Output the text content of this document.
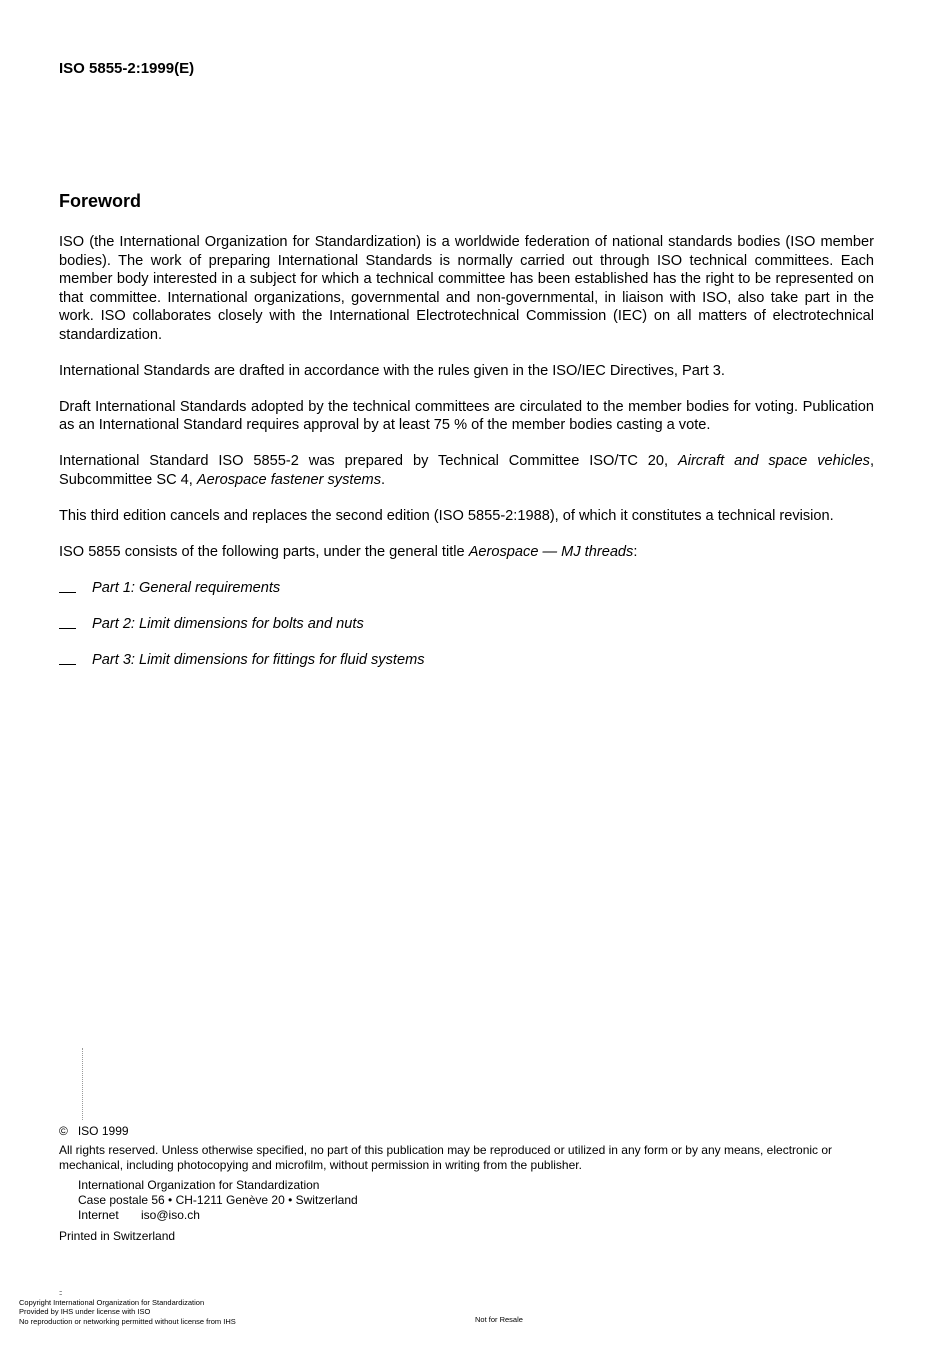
ISO 5855-2:1999(E)
Foreword

ISO (the International Organization for Standardization) is a worldwide federation of national standards bodies (ISO member bodies). The work of preparing International Standards is normally carried out through ISO technical committees. Each member body interested in a subject for which a technical committee has been established has the right to be represented on that committee. International organizations, governmental and non-governmental, in liaison with ISO, also take part in the work. ISO collaborates closely with the International Electrotechnical Commission (IEC) on all matters of electrotechnical standardization.

International Standards are drafted in accordance with the rules given in the ISO/IEC Directives, Part 3.

Draft International Standards adopted by the technical committees are circulated to the member bodies for voting. Publication as an International Standard requires approval by at least 75 % of the member bodies casting a vote.

International Standard ISO 5855-2 was prepared by Technical Committee ISO/TC 20, Aircraft and space vehicles, Subcommittee SC 4, Aerospace fastener systems.

This third edition cancels and replaces the second edition (ISO 5855-2:1988), of which it constitutes a technical revision.

ISO 5855 consists of the following parts, under the general title Aerospace — MJ threads:

Part 1: General requirements
Part 2: Limit dimensions for bolts and nuts
Part 3: Limit dimensions for fittings for fluid systems
© ISO 1999
All rights reserved. Unless otherwise specified, no part of this publication may be reproduced or utilized in any form or by any means, electronic or mechanical, including photocopying and microfilm, without permission in writing from the publisher.
International Organization for Standardization
Case postale 56 • CH-1211 Genève 20 • Switzerland
Internet iso@iso.ch
Printed in Switzerland
::
Copyright International Organization for Standardization
Provided by IHS under license with ISO
No reproduction or networking permitted without license from IHS	Not for Resale
